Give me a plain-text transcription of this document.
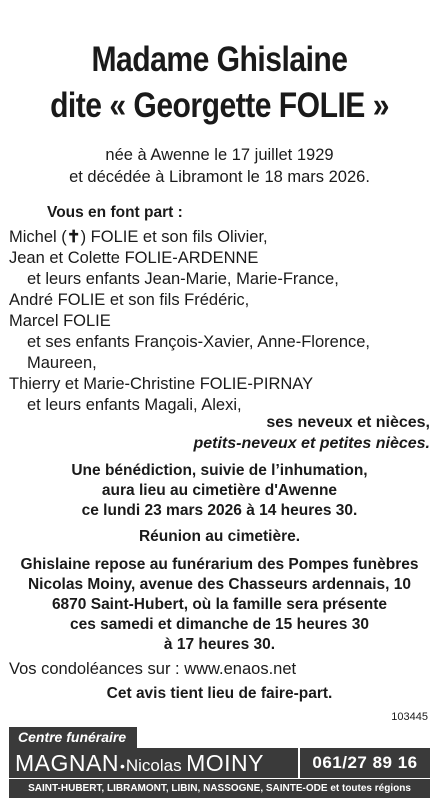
Madame Ghislaine
dite « Georgette FOLIE »
née à Awenne le 17 juillet 1929
et décédée à Libramont le 18 mars 2026.
Vous en font part :
Michel (✝) FOLIE et son fils Olivier,
Jean et Colette FOLIE-ARDENNE
et leurs enfants Jean-Marie, Marie-France,
André FOLIE et son fils Frédéric,
Marcel FOLIE
et ses enfants François-Xavier, Anne-Florence,
Maureen,
Thierry et Marie-Christine FOLIE-PIRNAY
et leurs enfants Magali, Alexi,
ses neveux et nièces,
petits-neveux et petites nièces.
Une bénédiction, suivie de l’inhumation,
aura lieu au cimetière d'Awenne
ce lundi 23 mars 2026 à 14 heures 30.
Réunion au cimetière.
Ghislaine repose au funérarium des Pompes funèbres
Nicolas Moiny, avenue des Chasseurs ardennais, 10
6870 Saint-Hubert, où la famille sera présente
ces samedi et dimanche de 15 heures 30
à 17 heures 30.
Vos condoléances sur : www.enaos.net
Cet avis tient lieu de faire-part.
103445
Centre funéraire
MAGNAN•Nicolas MOINY	061/27 89 16
SAINT-HUBERT, LIBRAMONT, LIBIN, NASSOGNE, SAINTE-ODE et toutes régions
